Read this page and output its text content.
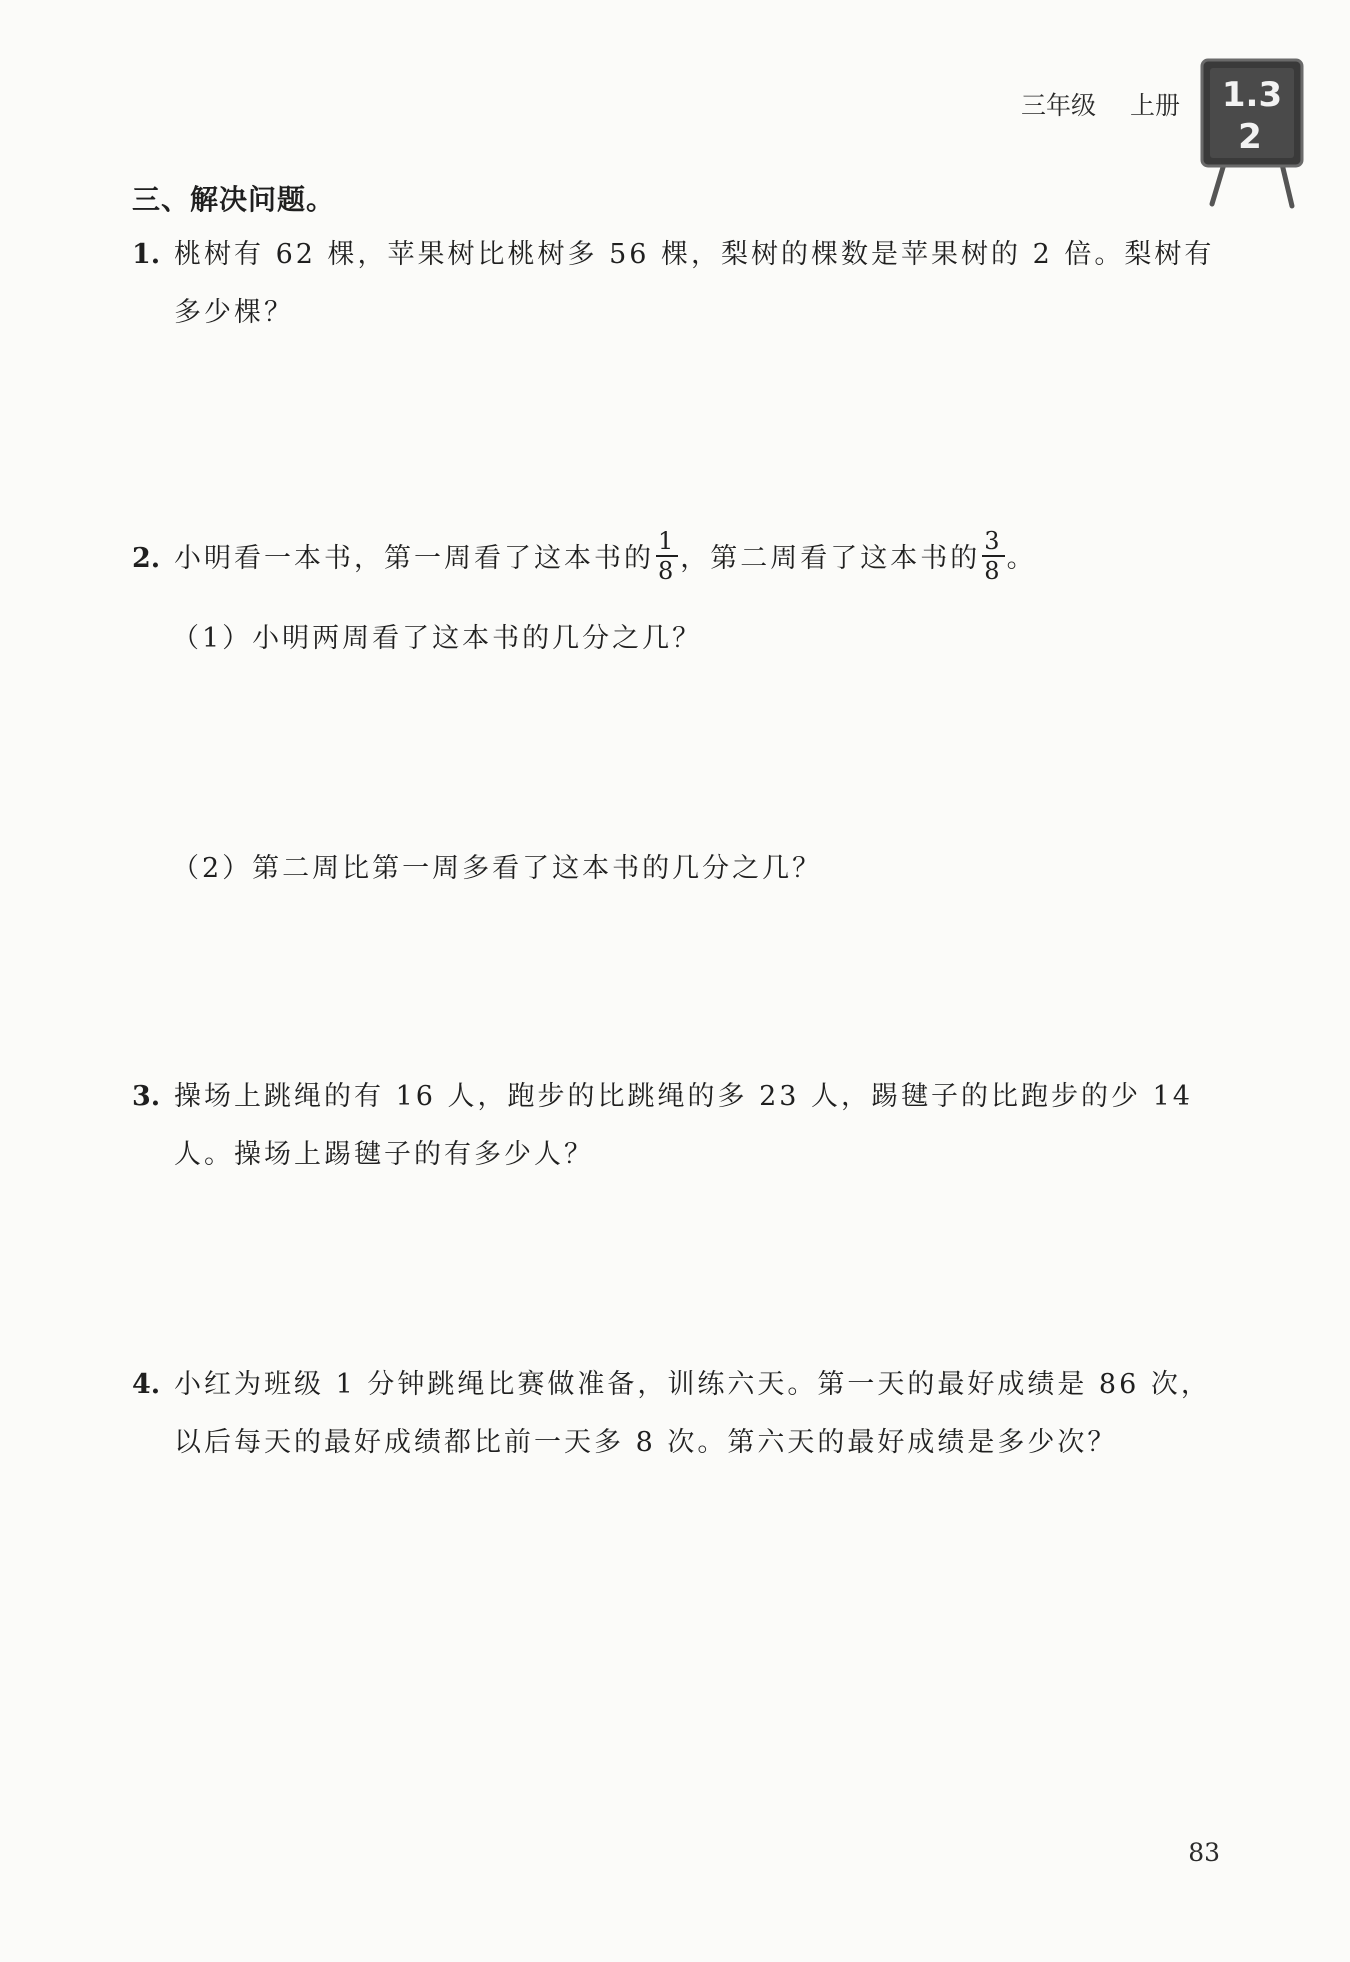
三年级 上册 1.3
2
三、解决问题。
1. 桃树有 62 棵，苹果树比桃树多 56 棵，梨树的棵数是苹果树的 2 倍。梨树有多少棵？
2. 小明看一本书，第一周看了这本书的 $\frac{1}{8}$ ，第二周看了这本书的 $\frac{3}{8}$ 。
（1）小明两周看了这本书的几分之几？
（2）第二周比第一周多看了这本书的几分之几？
3. 操场上跳绳的有 16 人，跑步的比跳绳的多 23 人，踢毽子的比跑步的少 14 人。操场上踢毽子的有多少人？
4. 小红为班级 1 分钟跳绳比赛做准备，训练六天。第一天的最好成绩是 86 次，以后每天的最好成绩都比前一天多 8 次。第六天的最好成绩是多少次？
83
